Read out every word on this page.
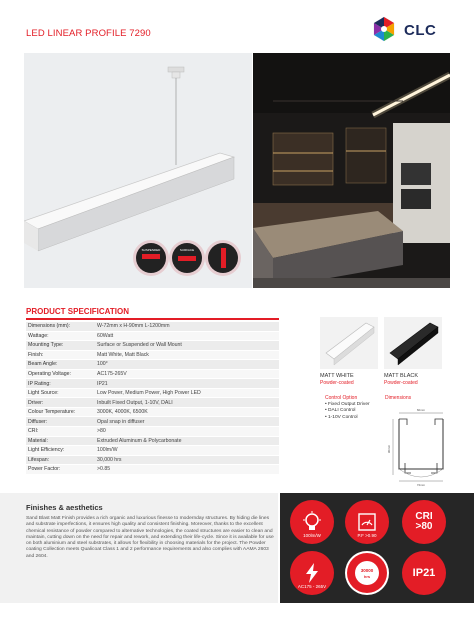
LED LINEAR PROFILE 7290	CLC
SUSPENDED	SURFACE
PRODUCT SPECIFICATION
Dimensions (mm):	W-72mm x H-90mm L-1200mm
Wattage:	60Watt
Mounting Type:	Surface or Suspended or Wall Mount
Finish:	Matt White, Matt Black
Beam Angle:	100°
Operating Voltage:	AC175-265V
IP Rating:	IP21
Light Source:	Low Power, Medium Power, High Power LED
Driver:	Inbuilt Fixed Output, 1-10V, DALI
Colour Temperature:	3000K, 4000K, 6500K
Diffuser:	Opal snap in diffuser
CRI:	>80
Material:	Extruded Aluminum & Polycarbonate
Light Efficiency:	100lm/W
Lifespan:	30,000 hrs
Power Factor:	>0.85
MATT WHITE
Powder-coated
MATT BLACK
Powder-coated
Control Option
• Fixed Output Driver
• DALI Control
• 1-10V Control
Dimensions
60mm
90mm
72mm
Finishes & aesthetics
Sand Blast Matt Finish provides a rich organic and luxurious finesse to modernday structures. By hiding die lines and substrate imperfections, it ensures high quality and consistent finishing. Moreover, thanks to the excellent chemical resistance of powder compared to alternative technologies, the coated structures are easier to clean and maintain, cutting down on the need for repair and rework, and extending their life-cycle. Since it is available for use on both aluminium and steel substrates, it allows for flexibility in choosing materials for the project. The Powder coating Collection meets Qualicoat Class 1 and 2 performance requirements and also complies with AAMA 2603 and 2604.
100lm/W	P.F >0.90
CRI
>80
AC175 - 265V
30000
hrs	IP21
